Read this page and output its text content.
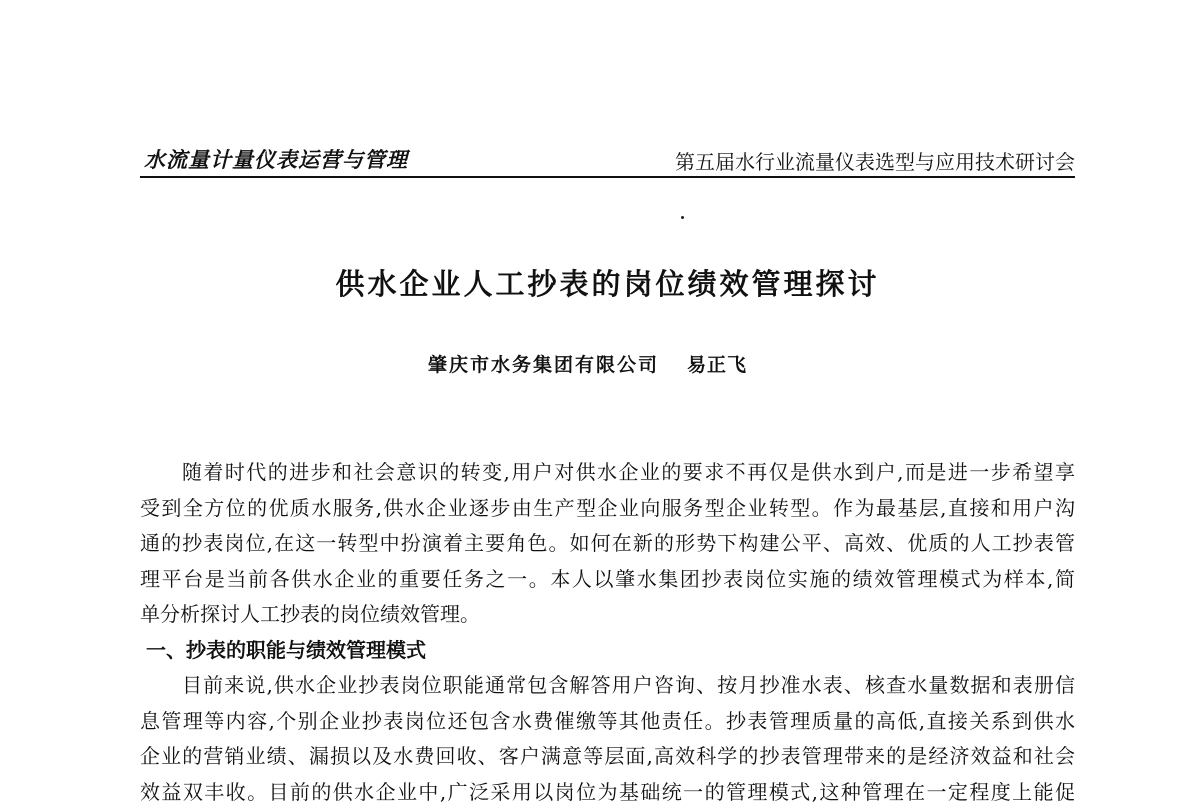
水流量计量仪表运营与管理	第五届水行业流量仪表选型与应用技术研讨会
供水企业人工抄表的岗位绩效管理探讨
肇庆市水务集团有限公司 易正飞
随着时代的进步和社会意识的转变,用户对供水企业的要求不再仅是供水到户,而是进一步希望享
受到全方位的优质水服务,供水企业逐步由生产型企业向服务型企业转型。作为最基层,直接和用户沟
通的抄表岗位,在这一转型中扮演着主要角色。如何在新的形势下构建公平、高效、优质的人工抄表管
理平台是当前各供水企业的重要任务之一。本人以肇水集团抄表岗位实施的绩效管理模式为样本,简
单分析探讨人工抄表的岗位绩效管理。
一、抄表的职能与绩效管理模式
目前来说,供水企业抄表岗位职能通常包含解答用户咨询、按月抄准水表、核查水量数据和表册信
息管理等内容,个别企业抄表岗位还包含水费催缴等其他责任。抄表管理质量的高低,直接关系到供水
企业的营销业绩、漏损以及水费回收、客户满意等层面,高效科学的抄表管理带来的是经济效益和社会
效益双丰收。目前的供水企业中,广泛采用以岗位为基础统一的管理模式,这种管理在一定程度上能促
